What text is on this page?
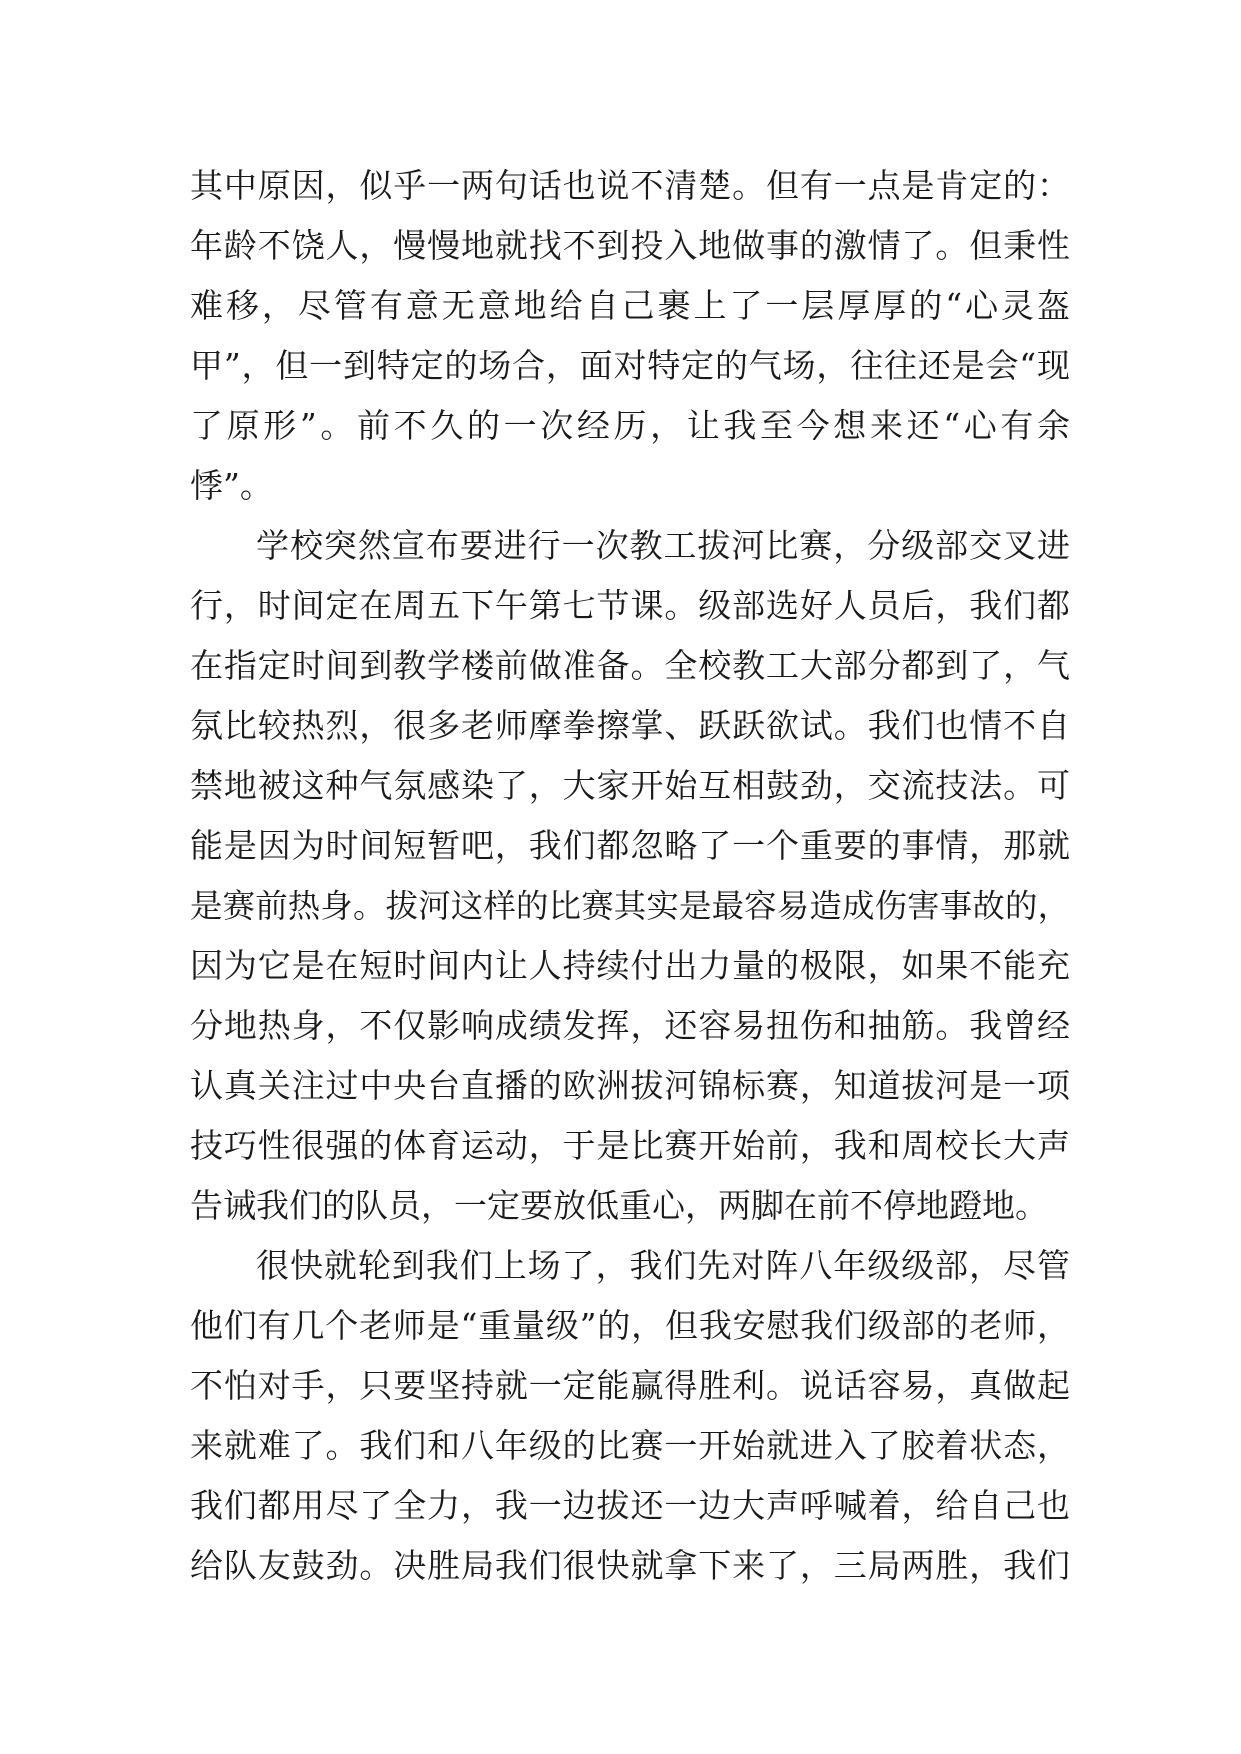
其中原因，似乎一两句话也说不清楚。但有一点是肯定的：
年龄不饶人，慢慢地就找不到投入地做事的激情了。但秉性
难移，尽管有意无意地给自己裹上了一层厚厚的“心灵盔
甲”，但一到特定的场合，面对特定的气场，往往还是会“现
了原形”。前不久的一次经历，让我至今想来还“心有余
悸”。
学校突然宣布要进行一次教工拔河比赛，分级部交叉进
行，时间定在周五下午第七节课。级部选好人员后，我们都
在指定时间到教学楼前做准备。全校教工大部分都到了，气
氛比较热烈，很多老师摩拳擦掌、跃跃欲试。我们也情不自
禁地被这种气氛感染了，大家开始互相鼓劲，交流技法。可
能是因为时间短暂吧，我们都忽略了一个重要的事情，那就
是赛前热身。拔河这样的比赛其实是最容易造成伤害事故的，
因为它是在短时间内让人持续付出力量的极限，如果不能充
分地热身，不仅影响成绩发挥，还容易扭伤和抽筋。我曾经
认真关注过中央台直播的欧洲拔河锦标赛，知道拔河是一项
技巧性很强的体育运动，于是比赛开始前，我和周校长大声
告诫我们的队员，一定要放低重心，两脚在前不停地蹬地。
很快就轮到我们上场了，我们先对阵八年级级部，尽管
他们有几个老师是“重量级”的，但我安慰我们级部的老师，
不怕对手，只要坚持就一定能赢得胜利。说话容易，真做起
来就难了。我们和八年级的比赛一开始就进入了胶着状态，
我们都用尽了全力，我一边拔还一边大声呼喊着，给自己也
给队友鼓劲。决胜局我们很快就拿下来了，三局两胜，我们
